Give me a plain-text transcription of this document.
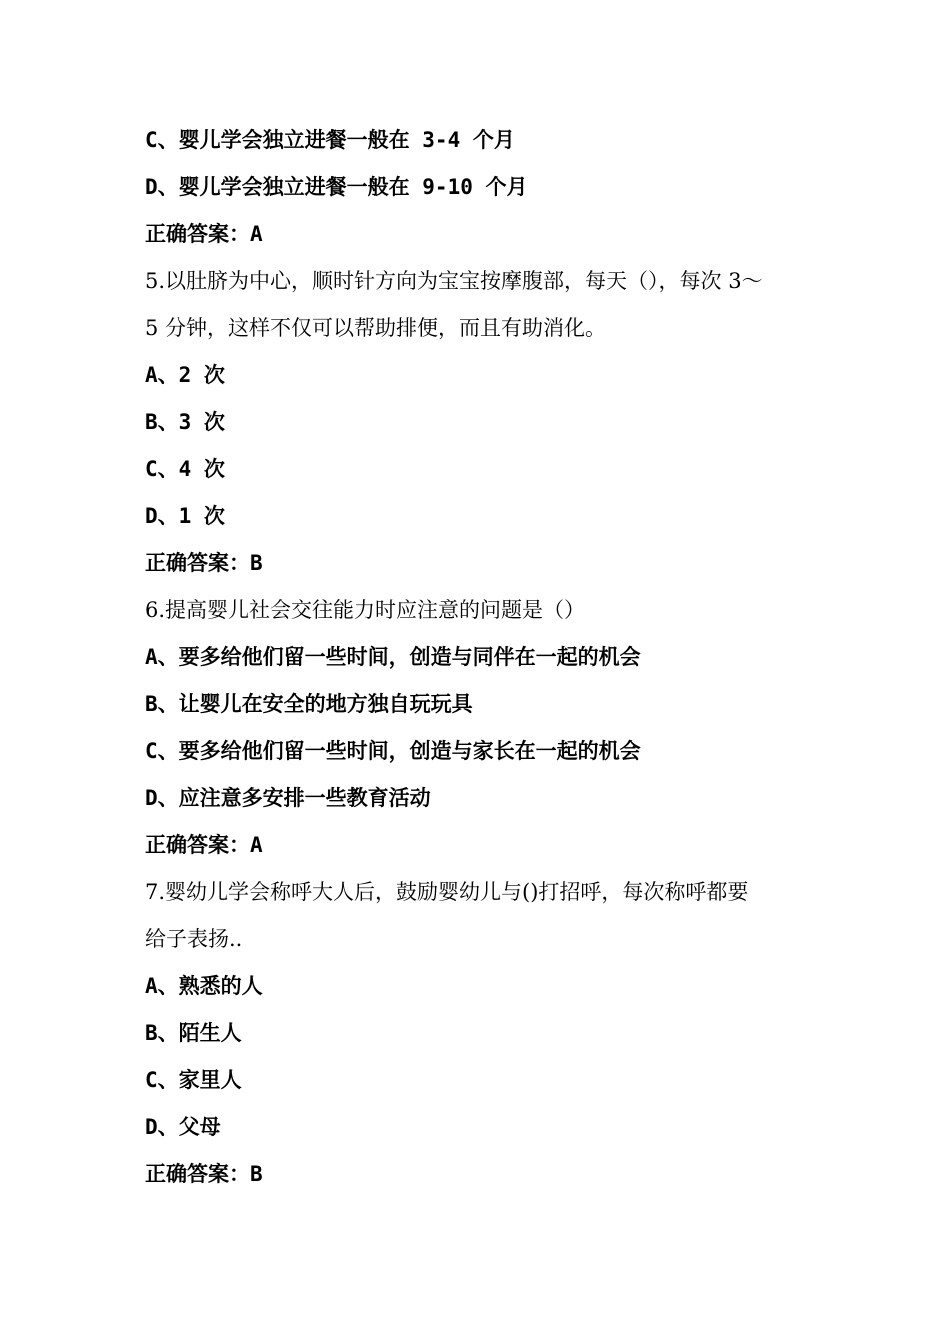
C、婴儿学会独立进餐一般在 3-4 个月
D、婴儿学会独立进餐一般在 9-10 个月
正确答案：A
5.以肚脐为中心，顺时针方向为宝宝按摩腹部，每天（），每次 3～
5 分钟，这样不仅可以帮助排便，而且有助消化。
A、2 次
B、3 次
C、4 次
D、1 次
正确答案：B
6.提高婴儿社会交往能力时应注意的问题是（）
A、要多给他们留一些时间，创造与同伴在一起的机会
B、让婴儿在安全的地方独自玩玩具
C、要多给他们留一些时间，创造与家长在一起的机会
D、应注意多安排一些教育活动
正确答案：A
7.婴幼儿学会称呼大人后，鼓励婴幼儿与()打招呼，每次称呼都要
给子表扬..
A、熟悉的人
B、陌生人
C、家里人
D、父母
正确答案：B
